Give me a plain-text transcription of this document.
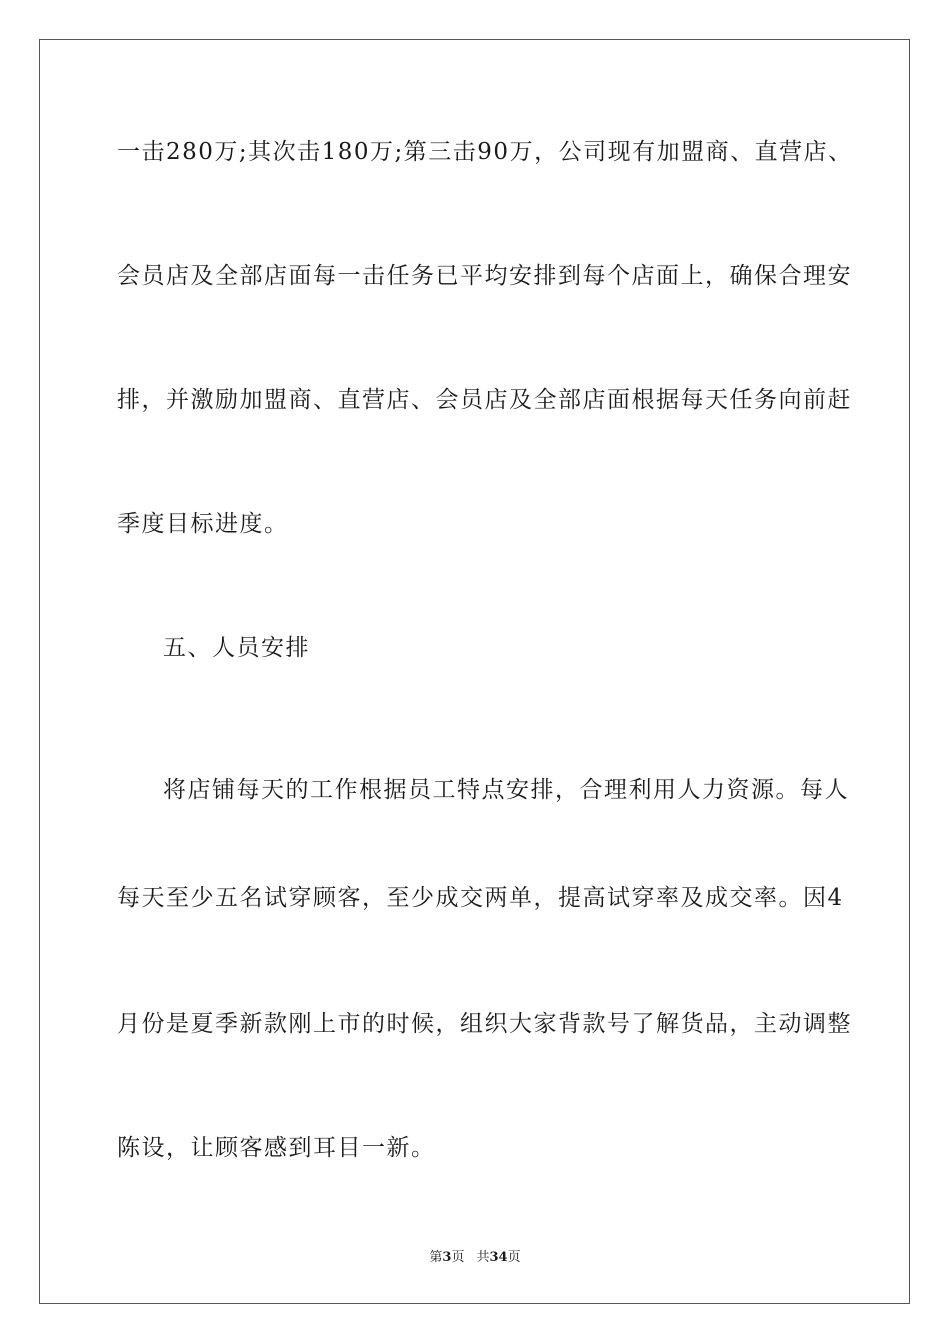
一击280万;其次击180万;第三击90万，公司现有加盟商、直营店、
会员店及全部店面每一击任务已平均安排到每个店面上，确保合理安
排，并激励加盟商、直营店、会员店及全部店面根据每天任务向前赶
季度目标进度。
五、人员安排
将店铺每天的工作根据员工特点安排，合理利用人力资源。每人
每天至少五名试穿顾客，至少成交两单，提高试穿率及成交率。因4
月份是夏季新款刚上市的时候，组织大家背款号了解货品，主动调整
陈设，让顾客感到耳目一新。
第3页 共34页
